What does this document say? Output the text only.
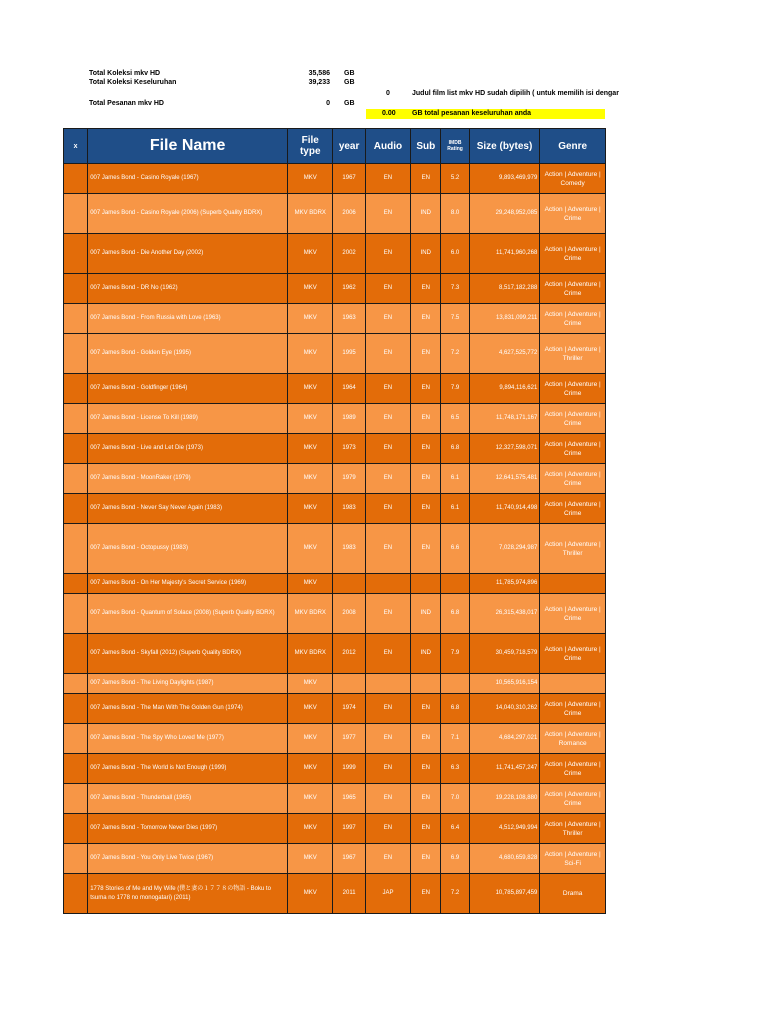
Total Koleksi mkv HD	35,586 GB
Total Koleksi Keseluruhan	39,233 GB
0	Judul film list mkv HD sudah dipilih ( untuk memilih isi dengar
Total Pesanan mkv HD	0 GB
0.00 GB total pesanan keseluruhan anda
x	File Name	File type	year	Audio	Sub	IMDB Rating	Size (bytes)	Genre
	007 James Bond - Casino Royale (1967)	MKV	1967	EN	EN	5.2	9,893,469,979	Action | Adventure | Comedy
	007 James Bond - Casino Royale (2006) (Superb Quality BDRX)	MKV BDRX	2006	EN	IND	8.0	29,248,952,085	Action | Adventure | Crime
	007 James Bond - Die Another Day (2002)	MKV	2002	EN	IND	6.0	11,741,960,268	Action | Adventure | Crime
	007 James Bond - DR No (1962)	MKV	1962	EN	EN	7.3	8,517,182,288	Action | Adventure | Crime
	007 James Bond - From Russia with Love (1963)	MKV	1963	EN	EN	7.5	13,831,099,211	Action | Adventure | Crime
	007 James Bond - Golden Eye (1995)	MKV	1995	EN	EN	7.2	4,627,525,772	Action | Adventure | Thriller
	007 James Bond - Goldfinger (1964)	MKV	1964	EN	EN	7.9	9,894,116,621	Action | Adventure | Crime
	007 James Bond - License To Kill (1989)	MKV	1989	EN	EN	6.5	11,748,171,167	Action | Adventure | Crime
	007 James Bond - Live and Let Die (1973)	MKV	1973	EN	EN	6.8	12,327,598,071	Action | Adventure | Crime
	007 James Bond - MoonRaker (1979)	MKV	1979	EN	EN	6.1	12,641,575,481	Action | Adventure | Crime
	007 James Bond - Never Say Never Again (1983)	MKV	1983	EN	EN	6.1	11,740,914,498	Action | Adventure | Crime
	007 James Bond - Octopussy (1983)	MKV	1983	EN	EN	6.6	7,028,294,987	Action | Adventure | Thriller
	007 James Bond - On Her Majesty's Secret Service (1969)	MKV					11,785,974,896	
	007 James Bond - Quantum of Solace (2008) (Superb Quality BDRX)	MKV BDRX	2008	EN	IND	6.8	26,315,438,017	Action | Adventure | Crime
	007 James Bond - Skyfall (2012) (Superb Quality BDRX)	MKV BDRX	2012	EN	IND	7.9	30,459,718,579	Action | Adventure | Crime
	007 James Bond - The Living Daylights (1987)	MKV					10,565,916,154	
	007 James Bond - The Man With The Golden Gun (1974)	MKV	1974	EN	EN	6.8	14,040,310,262	Action | Adventure | Crime
	007 James Bond - The Spy Who Loved Me (1977)	MKV	1977	EN	EN	7.1	4,684,297,021	Action | Adventure | Romance
	007 James Bond - The World is Not Enough (1999)	MKV	1999	EN	EN	6.3	11,741,457,247	Action | Adventure | Crime
	007 James Bond - Thunderball (1965)	MKV	1965	EN	EN	7.0	19,228,108,880	Action | Adventure | Crime
	007 James Bond - Tomorrow Never Dies (1997)	MKV	1997	EN	EN	6.4	4,512,949,994	Action | Adventure | Thriller
	007 James Bond - You Only Live Twice (1967)	MKV	1967	EN	EN	6.9	4,680,659,828	Action | Adventure | Sci-Fi
	1778 Stories of Me and My Wife (僕と妻の１７７８の物語 - Boku to tsuma no 1778 no monogatari) (2011)	MKV	2011	JAP	EN	7.2	10,785,897,459	Drama
